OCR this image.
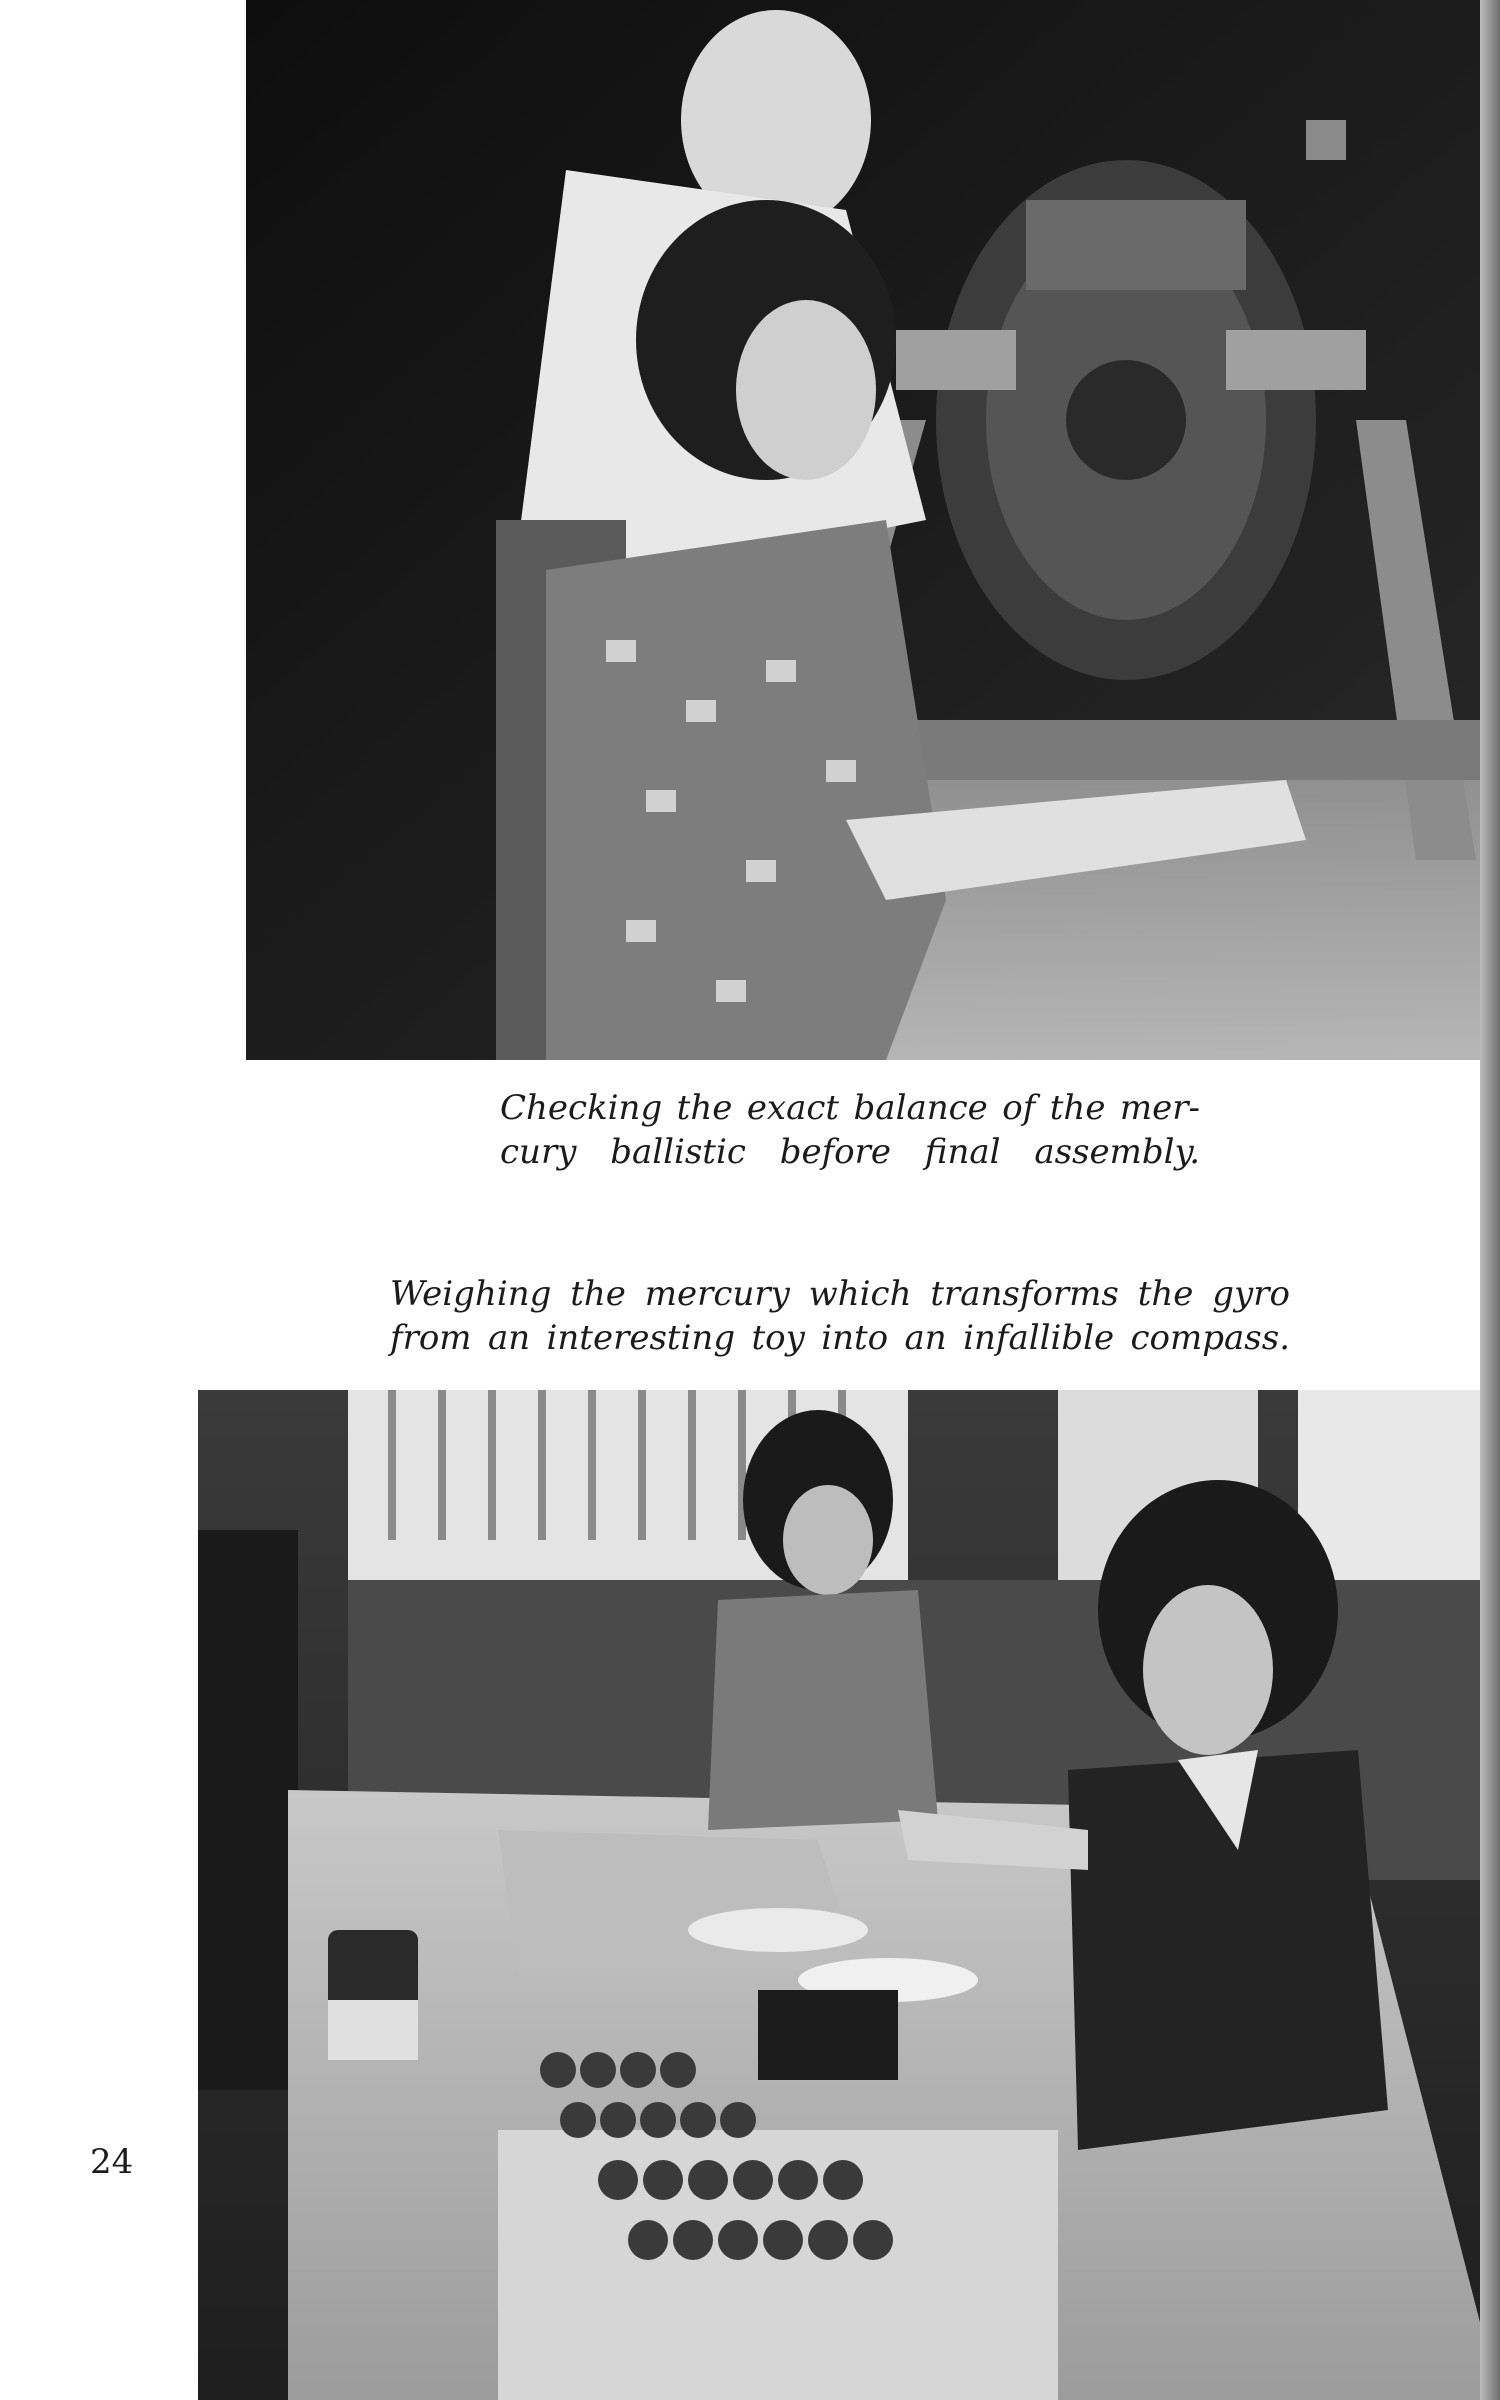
Checking the exact balance of the mer-
cury ballistic before final assembly.

Weighing the mercury which transforms the gyro
from an interesting toy into an infallible compass.

24
